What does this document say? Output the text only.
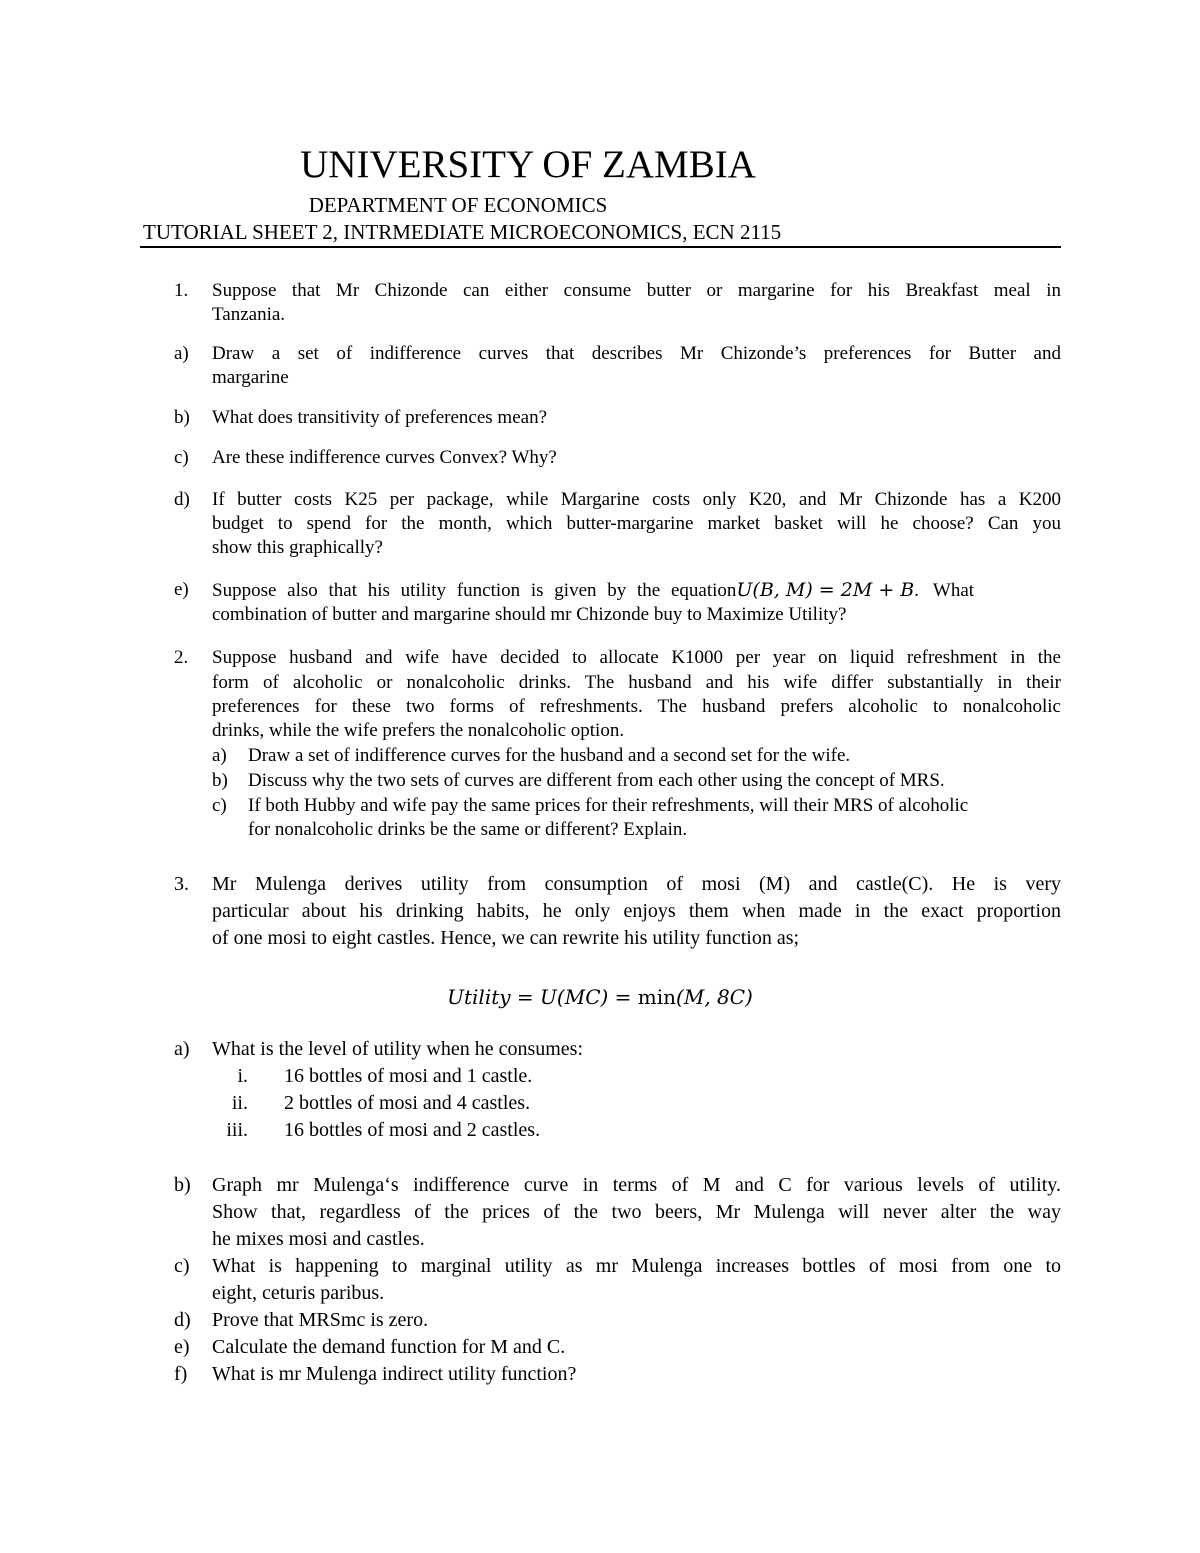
UNIVERSITY OF ZAMBIA
DEPARTMENT OF ECONOMICS
TUTORIAL SHEET 2, INTRMEDIATE MICROECONOMICS, ECN 2115
1.	Suppose that Mr Chizonde can either consume butter or margarine for his Breakfast meal in
Tanzania.
a)	Draw a set of indifference curves that describes Mr Chizonde’s preferences for Butter and
margarine
b)	What does transitivity of preferences mean?
c)	Are these indifference curves Convex? Why?
d)	If butter costs K25 per package, while Margarine costs only K20, and Mr Chizonde has a K200
budget to spend for the month, which butter-margarine market basket will he choose? Can you
show this graphically?
e)	Suppose also that his utility function is given by the equationU(B, M) = 2M + B.   What
combination of butter and margarine should mr Chizonde buy to Maximize Utility?
2.	Suppose husband and wife have decided to allocate K1000 per year on liquid refreshment in the
form of alcoholic or nonalcoholic drinks. The husband and his wife differ substantially in their
preferences for these two forms of refreshments. The husband prefers alcoholic to nonalcoholic
drinks, while the wife prefers the nonalcoholic option.
a)	Draw a set of indifference curves for the husband and a second set for the wife.
b)	Discuss why the two sets of curves are different from each other using the concept of MRS.
c)	If both Hubby and wife pay the same prices for their refreshments, will their MRS of alcoholic
for nonalcoholic drinks be the same or different? Explain.
3.	Mr Mulenga derives utility from consumption of mosi (M) and castle(C). He is very
particular about his drinking habits, he only enjoys them when made in the exact proportion
of one mosi to eight castles. Hence, we can rewrite his utility function as;
Utility = U(MC) = min(M, 8C)
a)	What is the level of utility when he consumes:
i. 16 bottles of mosi and 1 castle.
ii. 2 bottles of mosi and 4 castles.
iii. 16 bottles of mosi and 2 castles.
b)	Graph mr Mulenga‘s indifference curve in terms of M and C for various levels of utility.
Show that, regardless of the prices of the two beers, Mr Mulenga will never alter the way
he mixes mosi and castles.
c)	What is happening to marginal utility as mr Mulenga increases bottles of mosi from one to
eight, ceturis paribus.
d)	Prove that MRSmc is zero.
e)	Calculate the demand function for M and C.
f)	What is mr Mulenga indirect utility function?
